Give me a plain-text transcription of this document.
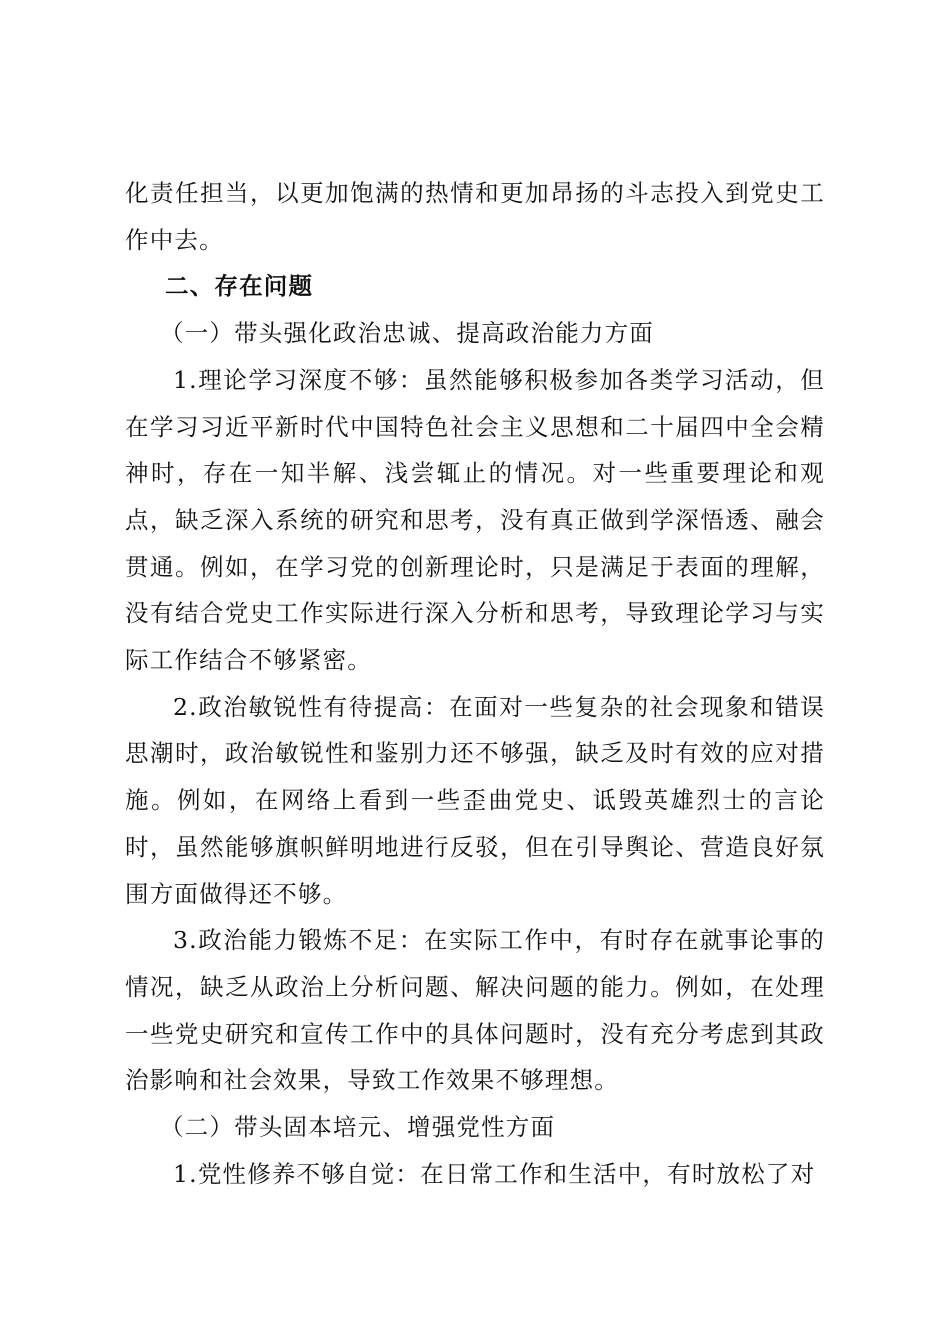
化责任担当，以更加饱满的热情和更加昂扬的斗志投入到党史工作中去。

二、存在问题

（一）带头强化政治忠诚、提高政治能力方面

1.理论学习深度不够：虽然能够积极参加各类学习活动，但在学习习近平新时代中国特色社会主义思想和二十届四中全会精神时，存在一知半解、浅尝辄止的情况。对一些重要理论和观点，缺乏深入系统的研究和思考，没有真正做到学深悟透、融会贯通。例如，在学习党的创新理论时，只是满足于表面的理解，没有结合党史工作实际进行深入分析和思考，导致理论学习与实际工作结合不够紧密。

2.政治敏锐性有待提高：在面对一些复杂的社会现象和错误思潮时，政治敏锐性和鉴别力还不够强，缺乏及时有效的应对措施。例如，在网络上看到一些歪曲党史、诋毁英雄烈士的言论时，虽然能够旗帜鲜明地进行反驳，但在引导舆论、营造良好氛围方面做得还不够。

3.政治能力锻炼不足：在实际工作中，有时存在就事论事的情况，缺乏从政治上分析问题、解决问题的能力。例如，在处理一些党史研究和宣传工作中的具体问题时，没有充分考虑到其政治影响和社会效果，导致工作效果不够理想。

（二）带头固本培元、增强党性方面

1.党性修养不够自觉：在日常工作和生活中，有时放松了对
